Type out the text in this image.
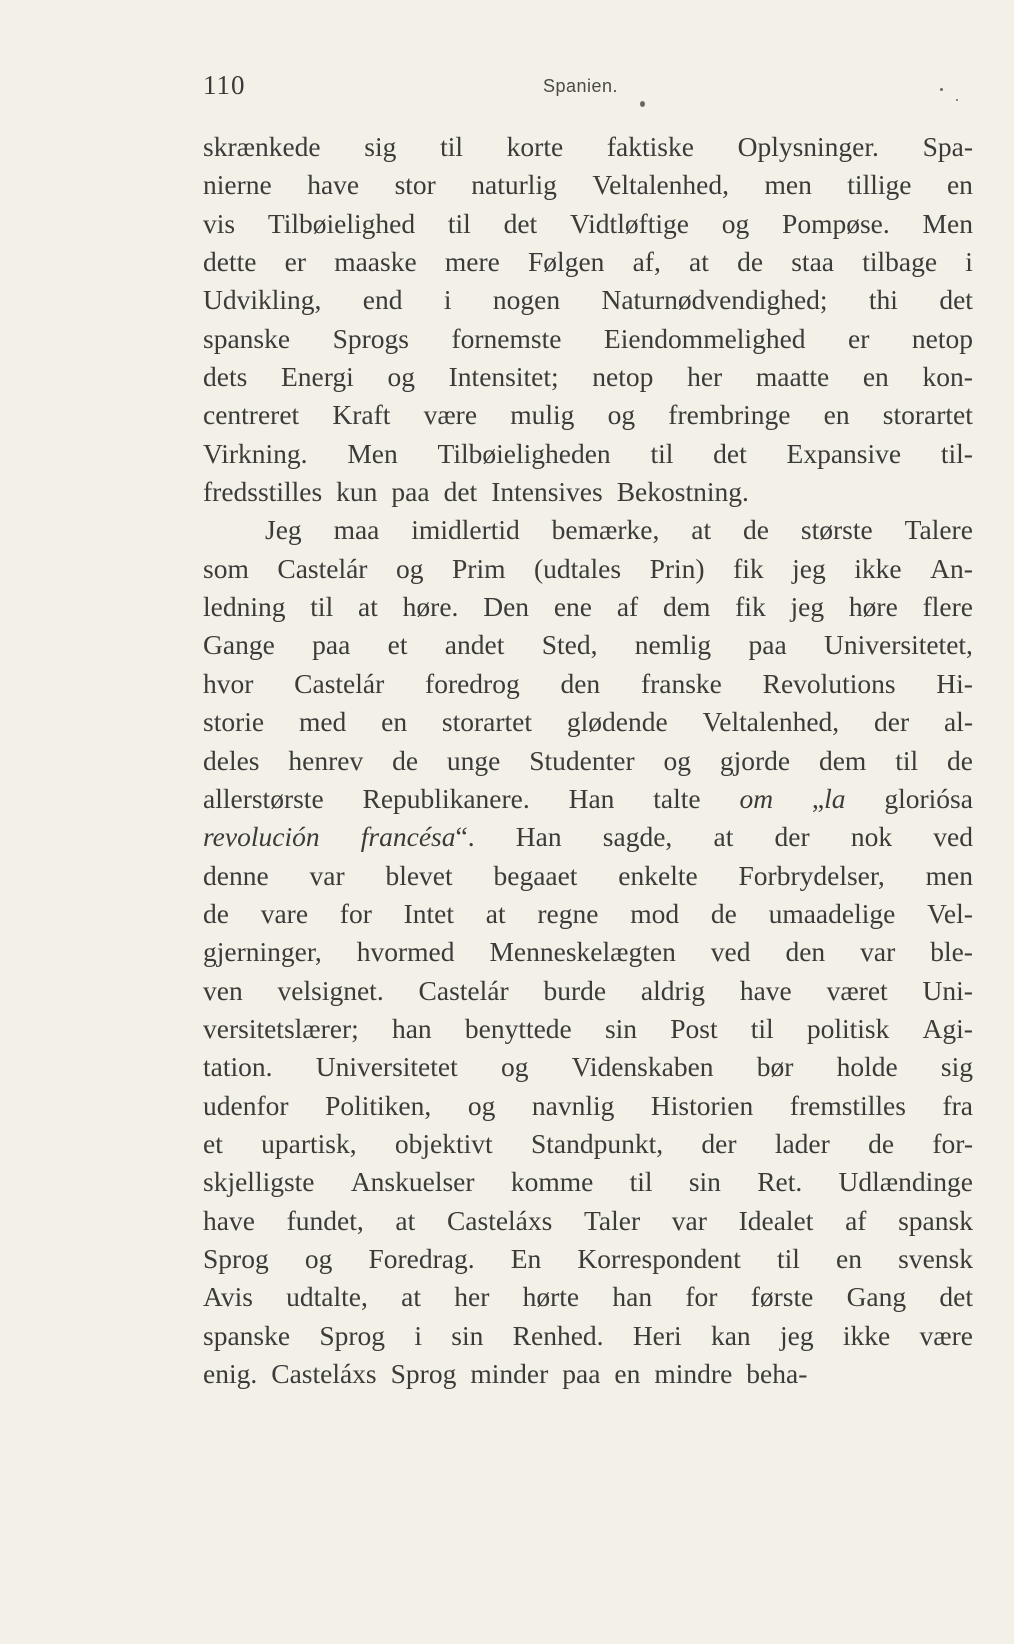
110	Spanien.
skrænkede sig til korte faktiske Oplysninger. Spa-
nierne have stor naturlig Veltalenhed, men tillige en
vis Tilbøielighed til det Vidtløftige og Pompøse. Men
dette er maaske mere Følgen af, at de staa tilbage i
Udvikling, end i nogen Naturnødvendighed; thi det
spanske Sprogs fornemste Eiendommelighed er netop
dets Energi og Intensitet; netop her maatte en kon-
centreret Kraft være mulig og frembringe en storartet
Virkning. Men Tilbøieligheden til det Expansive til-
fredsstilles kun paa det Intensives Bekostning.
Jeg maa imidlertid bemærke, at de største Talere
som Castelár og Prim (udtales Prin) fik jeg ikke An-
ledning til at høre. Den ene af dem fik jeg høre flere
Gange paa et andet Sted, nemlig paa Universitetet,
hvor Castelár foredrog den franske Revolutions Hi-
storie med en storartet glødende Veltalenhed, der al-
deles henrev de unge Studenter og gjorde dem til de
allerstørste Republikanere. Han talte om „la gloriósa
revolución francésa“. Han sagde, at der nok ved
denne var blevet begaaet enkelte Forbrydelser, men
de vare for Intet at regne mod de umaadelige Vel-
gjerninger, hvormed Menneskelægten ved den var ble-
ven velsignet. Castelár burde aldrig have været Uni-
versitetslærer; han benyttede sin Post til politisk Agi-
tation. Universitetet og Videnskaben bør holde sig
udenfor Politiken, og navnlig Historien fremstilles fra
et upartisk, objektivt Standpunkt, der lader de for-
skjelligste Anskuelser komme til sin Ret. Udlændinge
have fundet, at Casteláxs Taler var Idealet af spansk
Sprog og Foredrag. En Korrespondent til en svensk
Avis udtalte, at her hørte han for første Gang det
spanske Sprog i sin Renhed. Heri kan jeg ikke være
enig. Casteláxs Sprog minder paa en mindre beha-
